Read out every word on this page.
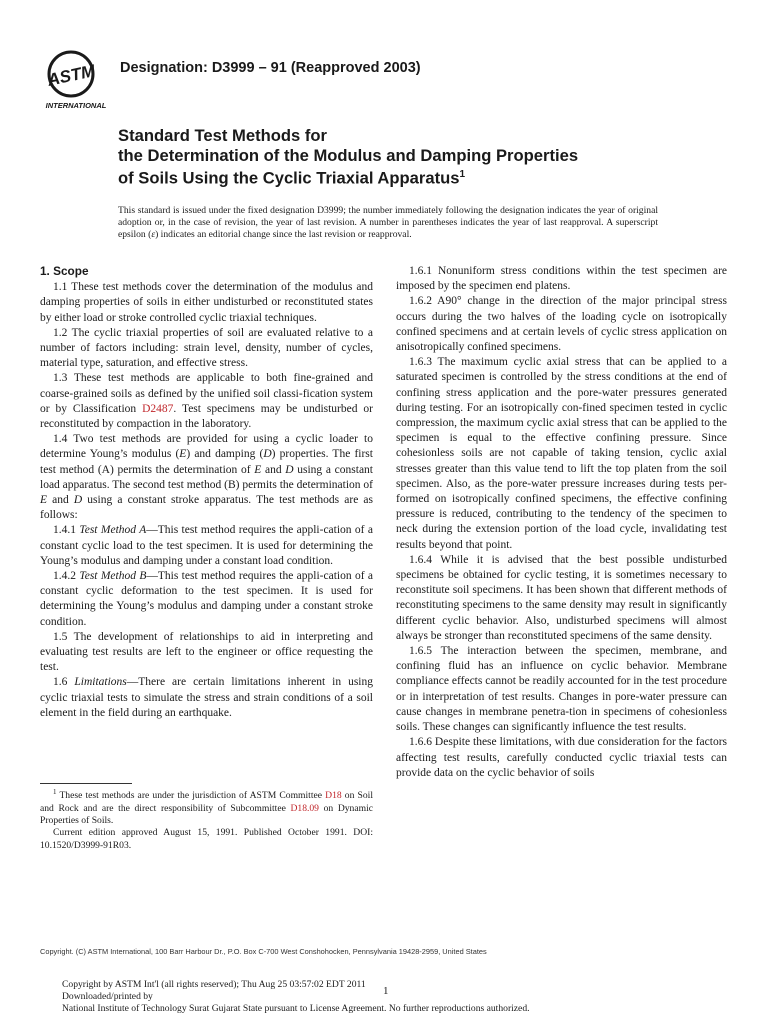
ASTM
INTERNATIONAL
Designation: D3999 – 91 (Reapproved 2003)
Standard Test Methods for
the Determination of the Modulus and Damping Properties
of Soils Using the Cyclic Triaxial Apparatus$^1$
This standard is issued under the fixed designation D3999; the number immediately following the designation indicates the year of original adoption or, in the case of revision, the year of last revision. A number in parentheses indicates the year of last reapproval. A superscript epsilon (ε) indicates an editorial change since the last revision or reapproval.
1. Scope

1.1 These test methods cover the determination of the modulus and damping properties of soils in either undisturbed or reconstituted states by either load or stroke controlled cyclic triaxial techniques.

1.2 The cyclic triaxial properties of soil are evaluated relative to a number of factors including: strain level, density, number of cycles, material type, saturation, and effective stress.

1.3 These test methods are applicable to both fine-grained and coarse-grained soils as defined by the unified soil classi-fication system or by Classification D2487. Test specimens may be undisturbed or reconstituted by compaction in the laboratory.

1.4 Two test methods are provided for using a cyclic loader to determine Young’s modulus (E) and damping (D) properties. The first test method (A) permits the determination of E and D using a constant load apparatus. The second test method (B) permits the determination of E and D using a constant stroke apparatus. The test methods are as follows:

1.4.1 Test Method A—This test method requires the appli-cation of a constant cyclic load to the test specimen. It is used for determining the Young’s modulus and damping under a constant load condition.

1.4.2 Test Method B—This test method requires the appli-cation of a constant cyclic deformation to the test specimen. It is used for determining the Young’s modulus and damping under a constant stroke condition.

1.5 The development of relationships to aid in interpreting and evaluating test results are left to the engineer or office requesting the test.

1.6 Limitations—There are certain limitations inherent in using cyclic triaxial tests to simulate the stress and strain conditions of a soil element in the field during an earthquake.

$^1$ These test methods are under the jurisdiction of ASTM Committee D18 on Soil and Rock and are the direct responsibility of Subcommittee D18.09 on Dynamic Properties of Soils.

Current edition approved August 15, 1991. Published October 1991. DOI: 10.1520/D3999-91R03.

1.6.1 Nonuniform stress conditions within the test specimen are imposed by the specimen end platens.

1.6.2 A90° change in the direction of the major principal stress occurs during the two halves of the loading cycle on isotropically confined specimens and at certain levels of cyclic stress application on anisotropically confined specimens.

1.6.3 The maximum cyclic axial stress that can be applied to a saturated specimen is controlled by the stress conditions at the end of confining stress application and the pore-water pressures generated during testing. For an isotropically con-fined specimen tested in cyclic compression, the maximum cyclic axial stress that can be applied to the specimen is equal to the effective confining pressure. Since cohesionless soils are not capable of taking tension, cyclic axial stresses greater than this value tend to lift the top platen from the soil specimen. Also, as the pore-water pressure increases during tests per-formed on isotropically confined specimens, the effective confining pressure is reduced, contributing to the tendency of the specimen to neck during the extension portion of the load cycle, invalidating test results beyond that point.

1.6.4 While it is advised that the best possible undisturbed specimens be obtained for cyclic testing, it is sometimes necessary to reconstitute soil specimens. It has been shown that different methods of reconstituting specimens to the same density may result in significantly different cyclic behavior. Also, undisturbed specimens will almost always be stronger than reconstituted specimens of the same density.

1.6.5 The interaction between the specimen, membrane, and confining fluid has an influence on cyclic behavior. Membrane compliance effects cannot be readily accounted for in the test procedure or in interpretation of test results. Changes in pore-water pressure can cause changes in membrane penetra-tion in specimens of cohesionless soils. These changes can significantly influence the test results.

1.6.6 Despite these limitations, with due consideration for the factors affecting test results, carefully conducted cyclic triaxial tests can provide data on the cyclic behavior of soils

Copyright. (C) ASTM International, 100 Barr Harbour Dr., P.O. Box C-700 West Conshohocken, Pennsylvania 19428-2959, United States
Copyright by ASTM Int'l (all rights reserved); Thu Aug 25 03:57:02 EDT 2011
Downloaded/printed by
National Institute of Technology Surat Gujarat State pursuant to License Agreement. No further reproductions authorized.
1
